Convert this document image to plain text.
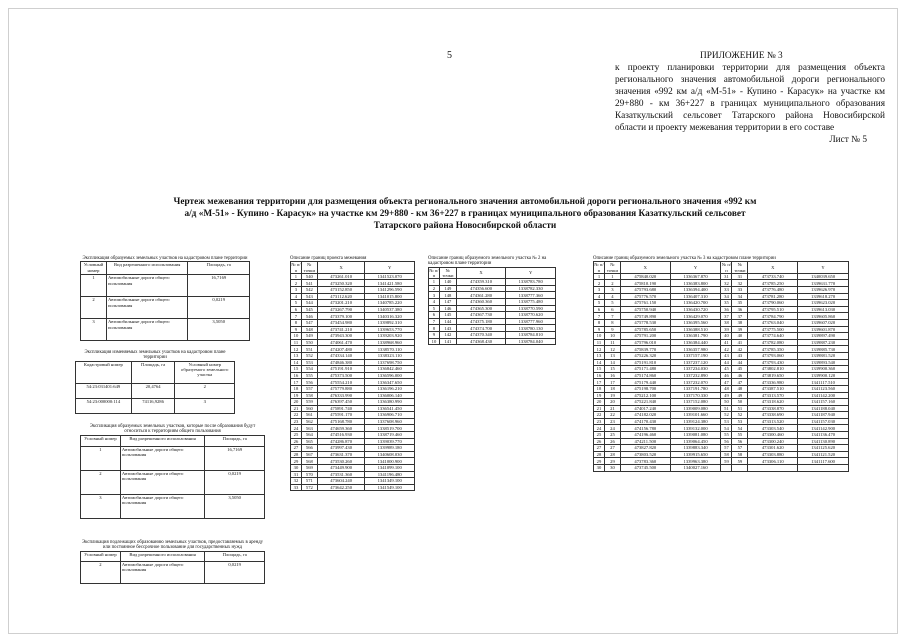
5	ПРИЛОЖЕНИЕ № 3
к проекту планировки территории для размещения объекта регионального значения автомобильной дороги регионального значения «992 км а/д «М-51» - Купино - Карасук» на участке км 29+880 - км 36+227 в границах муниципального образования Казаткульский сельсовет Татарского района Новосибирской области и проекту межевания территории в его составе
Лист № 5
Чертеж межевания территории для размещения объекта регионального значения автомобильной дороги регионального значения «992 км а/д «М-51» - Купино - Карасук» на участке км 29+880 - км 36+227 в границах муниципального образования Казаткульский сельсовет Татарского района Новосибирской области
Экспликация образуемых земельных участков на кадастровом плане территории
Условный номер	Вид разрешенного использования	Площадь, га
1	Автомобильные дороги общего пользования	16,7169
2	Автомобильные дороги общего пользования	0,0219
3	Автомобильные дороги общего пользования	3,5050
Экспликация изменяемых земельных участков на кадастровом плане территории
Кадастровый номер	Площадь, га	Условный номер образуемого земельного участка
54:23:031401:649	20,4764	2
54:23:000000:114	74116,9286	3
Экспликация образуемых земельных участков, которые после образования будут относиться к территориям общего пользования
Условный номер	Вид разрешенного использования	Площадь, га
1	Автомобильные дороги общего пользования	16,7169
2	Автомобильные дороги общего пользования	0,0219
3	Автомобильные дороги общего пользования	3,5050
Экспликация подлежащих образованию земельных участков, предоставляемых в аренду или постоянное бессрочное пользование для государственных нужд
Условный номер	Вид разрешенного использования	Площадь, га
2	Автомобильные дороги общего пользования	0,0219
Описание границ проекта межевания
№ п/п	№ точки	X	Y
1	540	473261.010	1341523.070
2	541	473250.320	1341421.580
3	542	473152.850	1341296.590
4	543	473112.620	1341015.800
5	544	473201.210	1340785.220
6	545	473267.790	1340537.380
7	546	473379.100	1340316.320
8	547	473454.980	1339892.310
9	548	473741.210	1339653.770
10	549	473943.300	1339203.920
11	550	474061.470	1338968.960
12	551	474207.480	1338570.110
13	552	474334.140	1338323.110
14	553	474846.380	1337698.750
15	554	475191.910	1336842.460
16	555	475373.500	1336596.000
17	556	475554.210	1336347.650
18	557	475779.880	1336196.210
19	558	476333.990	1336006.140
20	559	476397.450	1336380.990
21	560	475891.740	1336541.450
22	561	475591.170	1336906.710
23	562	475168.780	1337608.960
24	563	474659.360	1338519.700
25	564	474516.930	1338719.460
26	565	474286.870	1339039.770
27	566	473997.430	1339989.180
28	567	473631.370	1340608.030
29	568	473530.260	1341000.900
30	569	473449.900	1341099.100
31	570	473531.360	1341196.480
32	571	473604.240	1341349.100
33	572	473642.250	1341549.100
Описание границ образуемого земельного участка № 2 на кадастровом плане территории
№ п/п	№ точки	X	Y
1	140	474359.310	1338783.780
2	149	474356.600	1338782.330
3	148	474361.280	1338777.360
4	147	474360.360	1338775.480
5	146	474365.300	1338770.590
6	145	474367.730	1338770.620
7	144	474375.180	1338777.960
8	143	474374.700	1338780.130
9	142	474370.340	1338784.810
10	141	474368.430	1338784.040
Описание границ образуемого земельного участка № 3 на кадастровом плане территории
№ п/п	№ точки	X	Y	№ п/п	№ точки	X	Y
1	1	475840.020	1336367.870	31	31	473733.740	1340039.650
2	2	475810.190	1336383.800	32	32	473785.250	1339631.770
3	3	475793.680	1336394.400	33	33	473776.480	1339626.970
4	4	475776.570	1336407.310	34	34	473781.280	1339618.270
5	5	475761.150	1336420.700	35	35	473790.060	1339623.020
6	6	475750.940	1336430.720	36	36	473795.510	1339613.030
7	7	475749.890	1336429.070	37	37	473784.790	1339605.860
8	8	475778.530	1336395.560	38	38	473763.040	1339607.020
9	9	475785.650	1336388.510	39	39	473775.500	1339601.870
10	10	475791.200	1336381.790	40	40	473774.640	1339897.490
11	11	475796.010	1336384.440	41	41	473782.080	1339887.230
12	12	475839.770	1336357.980	42	42	473785.350	1339885.730
13	13	475226.320	1337157.190	43	43	473793.060	1339881.520
14	14	475191.810	1337237.120	44	44	473793.430	1339893.540
15	15	475171.480	1337234.030	45	45	473802.810	1339900.360
16	16	475174.860	1337232.890	46	46	473819.650	1339900.120
17	17	475179.440	1337232.070	47	47	473336.980	1341117.510
18	18	475198.700	1337191.780	48	48	473387.510	1341123.560
19	19	475212.100	1337170.330	49	49	473313.570	1341142.200
20	20	475221.840	1337152.080	50	50	473318.620	1341157.160
21	21	474017.240	1339009.080	51	51	473338.870	1341188.040
22	22	474182.020	1339101.660	52	52	473338.690	1341187.940
23	23	474170.430	1339124.380	53	53	473313.520	1341157.030
24	24	474156.780	1339132.000	54	54	473303.540	1341142.900
25	25	474196.460	1339081.080	55	55	473300.460	1341136.470
26	26	474211.500	1339064.450	56	56	473300.240	1341130.890
27	27	473827.820	1339883.340	57	57	473301.620	1341125.620
28	28	473803.520	1339915.650	58	58	473303.880	1341121.520
29	29	473783.360	1339963.380	59	59	473306.110	1341117.600
30	30	473745.500	1340027.160				
